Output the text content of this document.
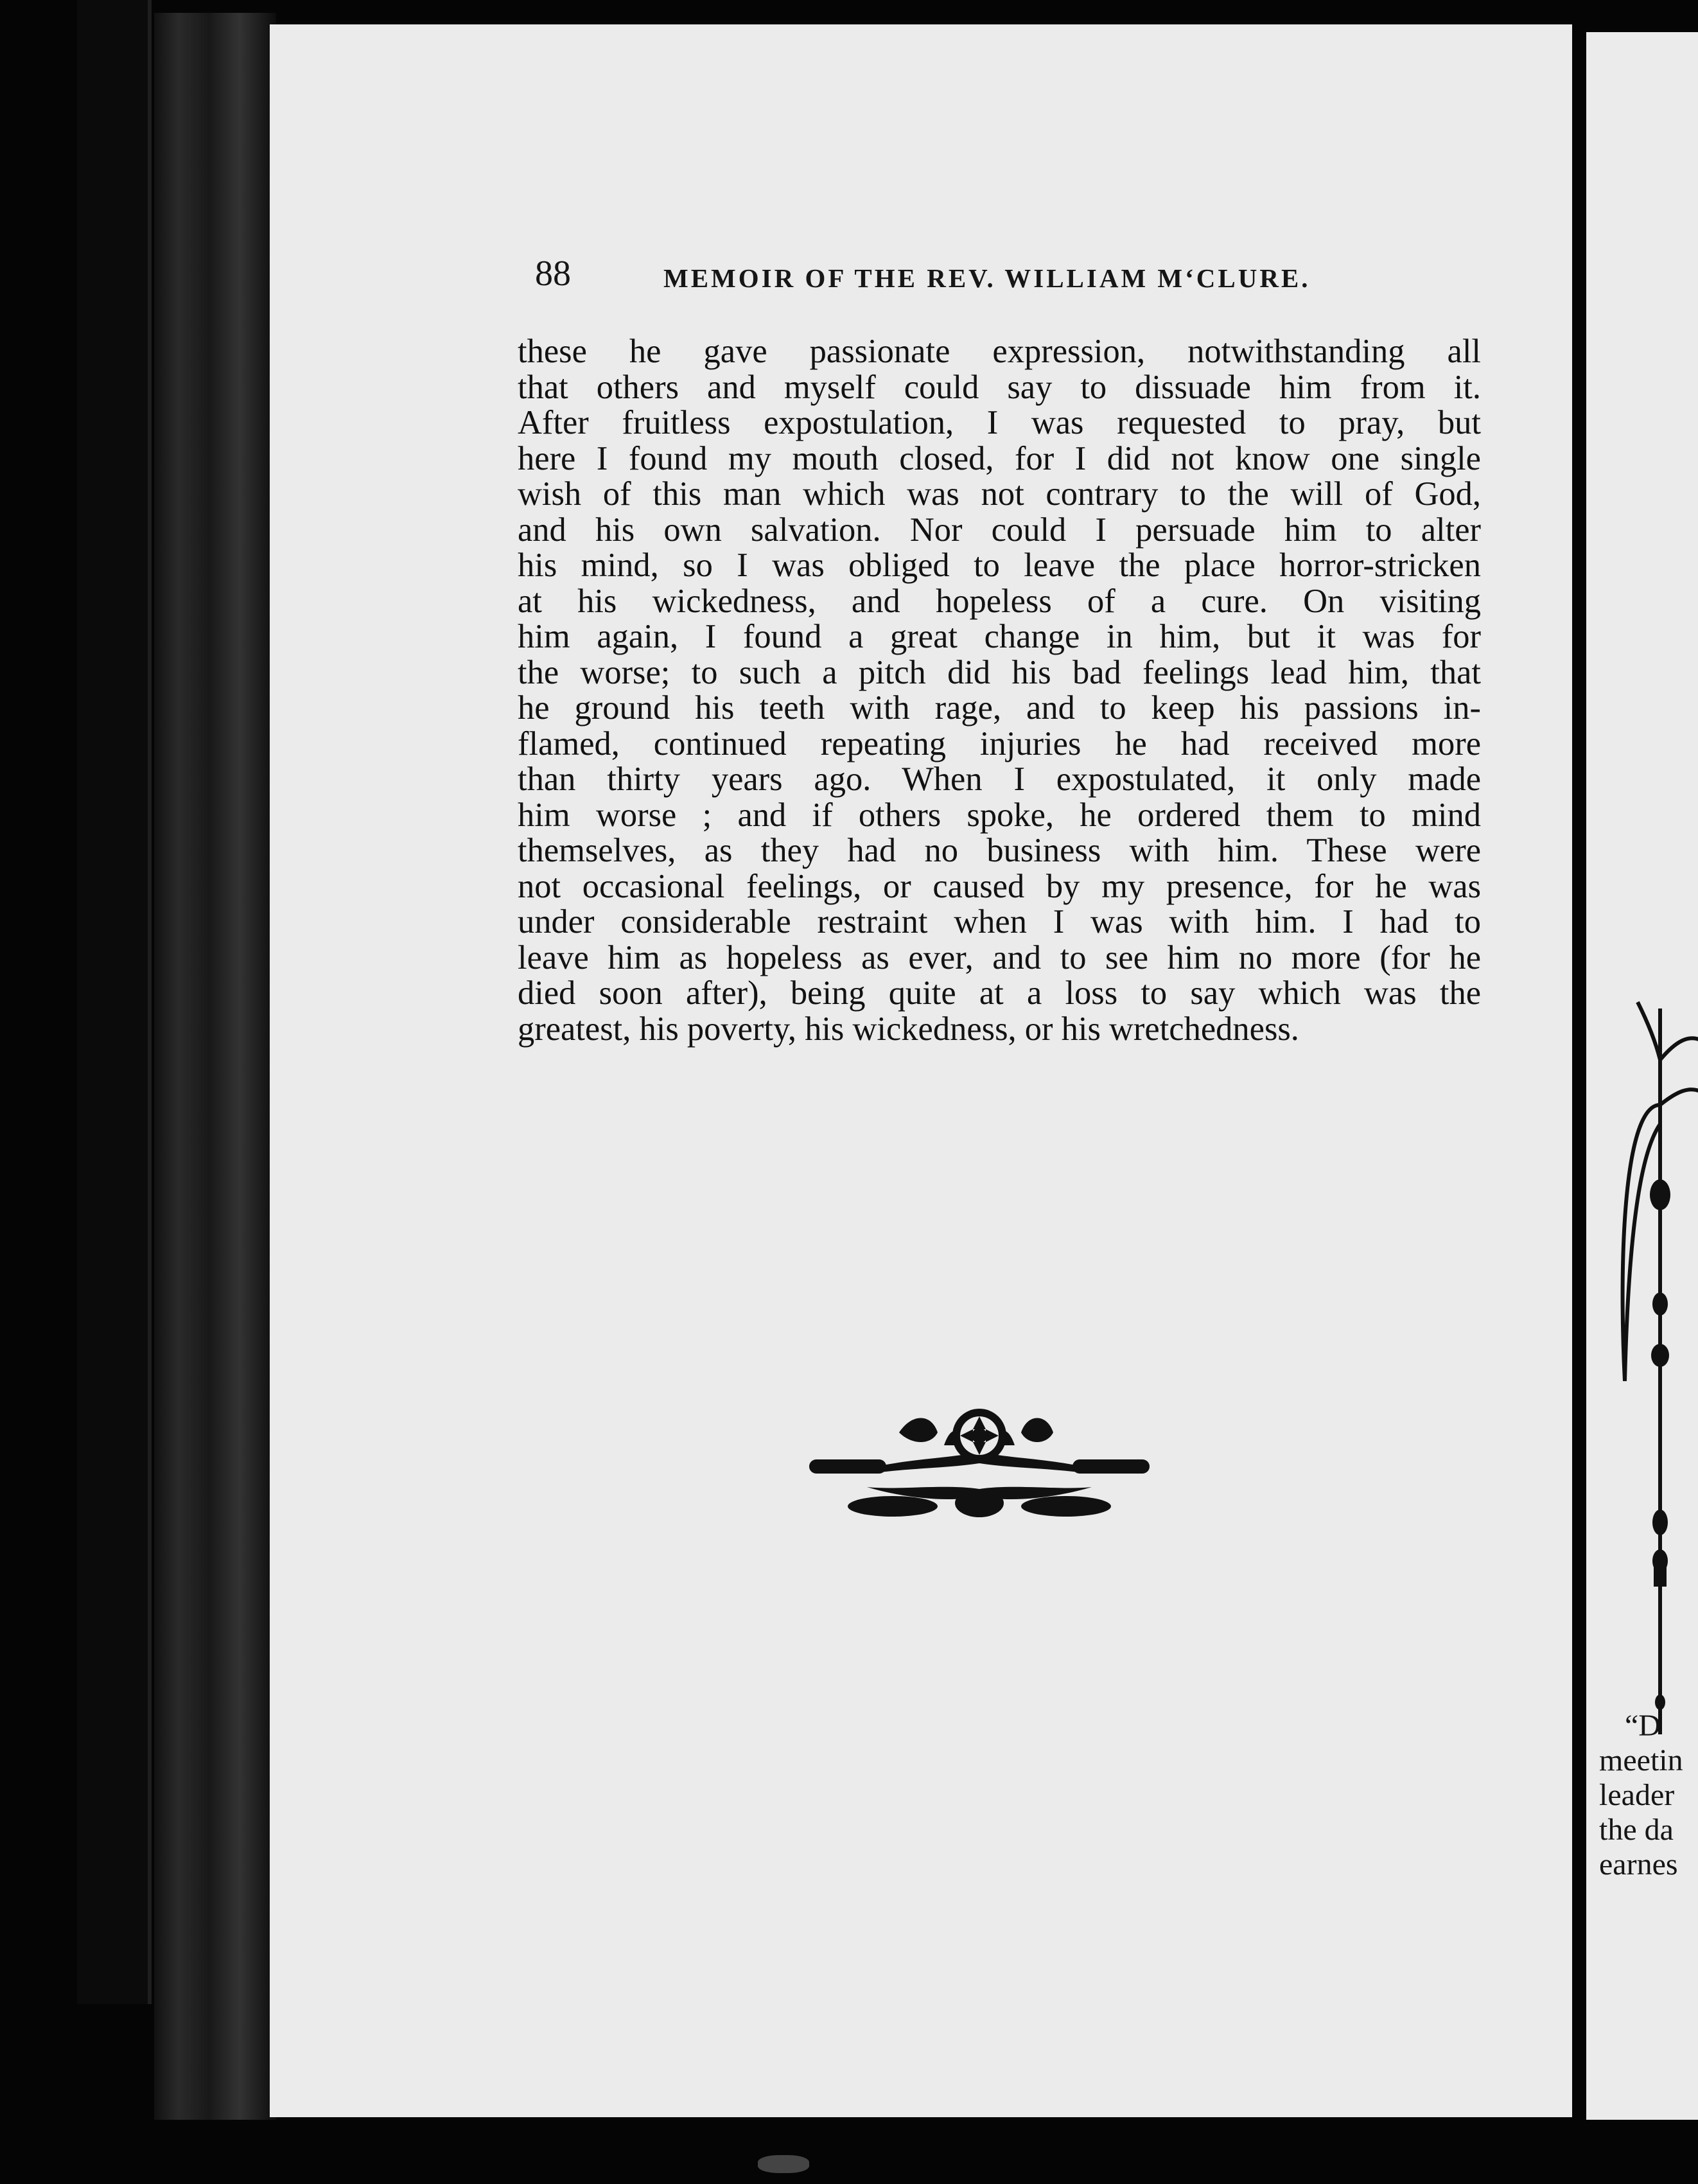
88	MEMOIR OF THE REV. WILLIAM M‘CLURE.
these he gave passionate expression, notwithstanding all
that others and myself could say to dissuade him from it.
After fruitless expostulation, I was requested to pray, but
here I found my mouth closed, for I did not know one single
wish of this man which was not contrary to the will of God,
and his own salvation. Nor could I persuade him to alter
his mind, so I was obliged to leave the place horror-stricken
at his wickedness, and hopeless of a cure. On visiting
him again, I found a great change in him, but it was for
the worse; to such a pitch did his bad feelings lead him, that
he ground his teeth with rage, and to keep his passions in-
flamed, continued repeating injuries he had received more
than thirty years ago. When I expostulated, it only made
him worse ; and if others spoke, he ordered them to mind
themselves, as they had no business with him. These were
not occasional feelings, or caused by my presence, for he was
under considerable restraint when I was with him. I had to
leave him as hopeless as ever, and to see him no more (for he
died soon after), being quite at a loss to say which was the
greatest, his poverty, his wickedness, or his wretchedness.
“D
meetin
leader
the da
earnes
